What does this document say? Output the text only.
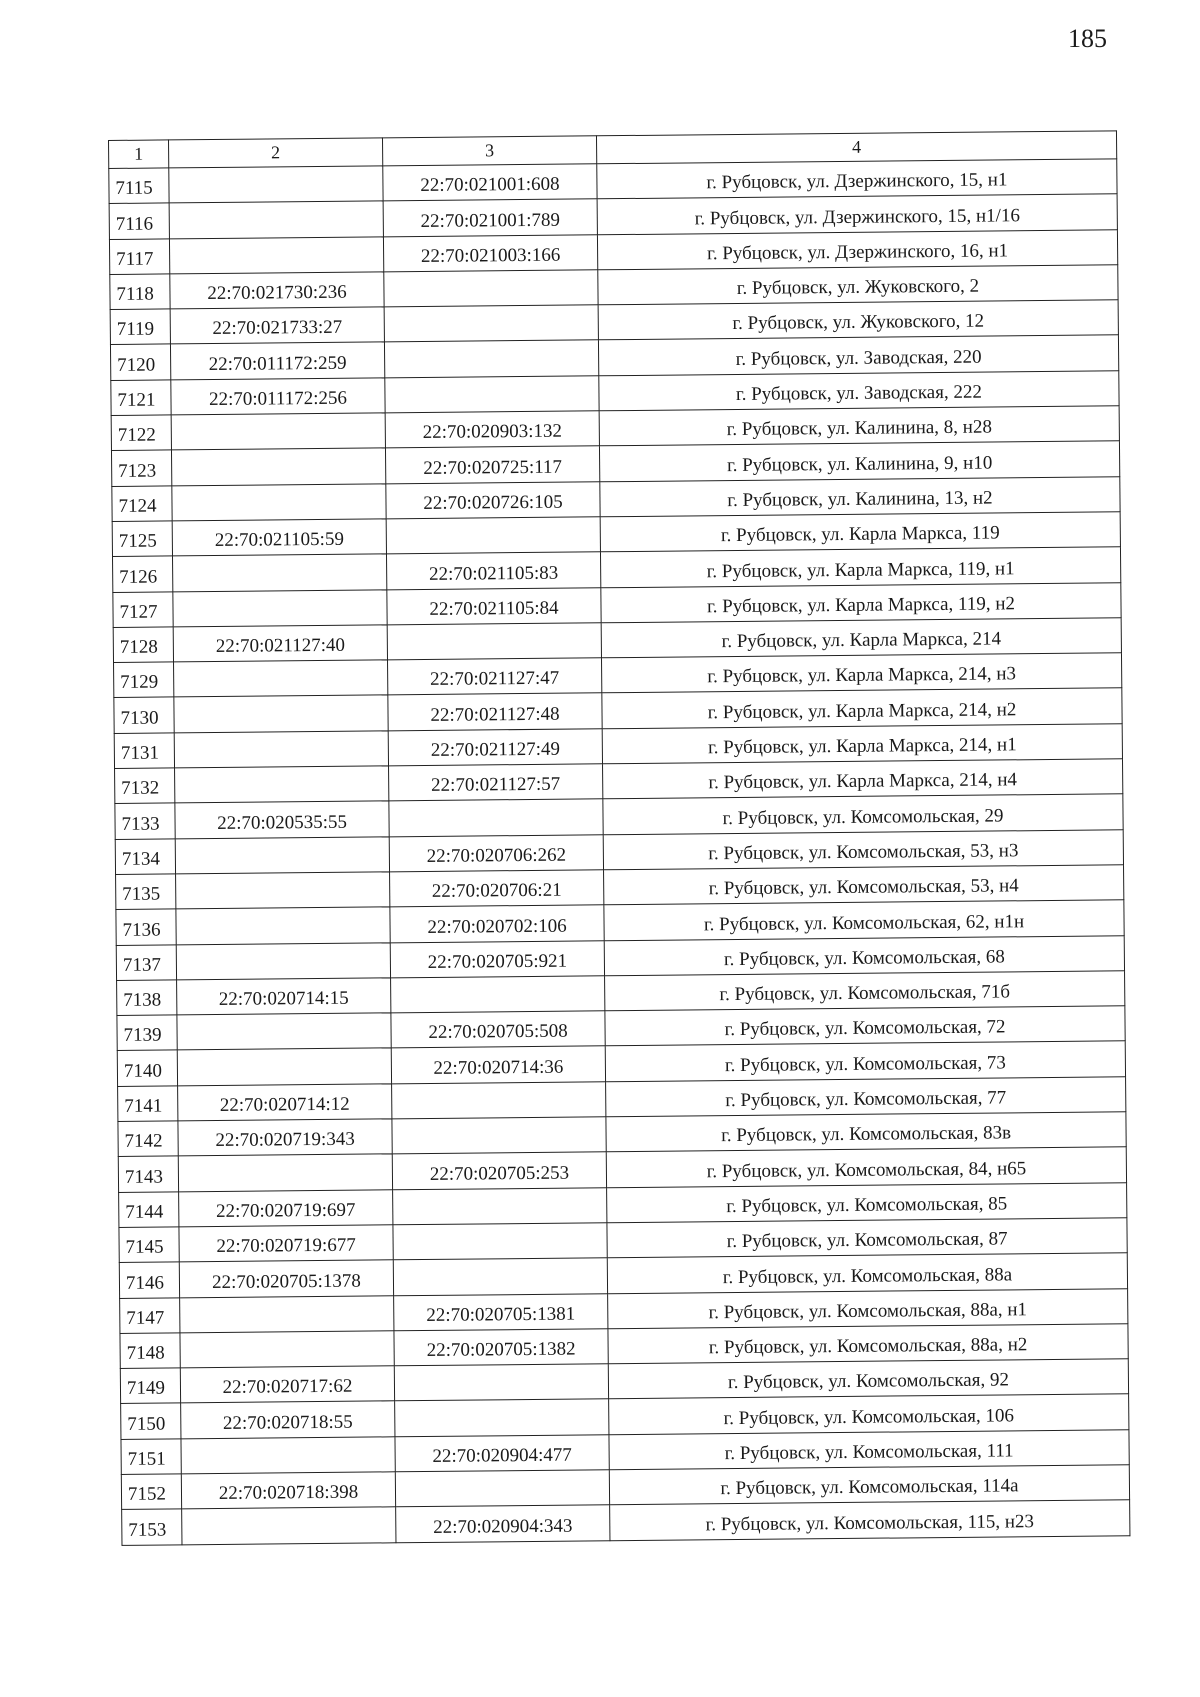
185
1	2	3	4
7115		22:70:021001:608	г. Рубцовск, ул. Дзержинского, 15, н1
7116		22:70:021001:789	г. Рубцовск, ул. Дзержинского, 15, н1/16
7117		22:70:021003:166	г. Рубцовск, ул. Дзержинского, 16, н1
7118	22:70:021730:236		г. Рубцовск, ул. Жуковского, 2
7119	22:70:021733:27		г. Рубцовск, ул. Жуковского, 12
7120	22:70:011172:259		г. Рубцовск, ул. Заводская, 220
7121	22:70:011172:256		г. Рубцовск, ул. Заводская, 222
7122		22:70:020903:132	г. Рубцовск, ул. Калинина, 8, н28
7123		22:70:020725:117	г. Рубцовск, ул. Калинина, 9, н10
7124		22:70:020726:105	г. Рубцовск, ул. Калинина, 13, н2
7125	22:70:021105:59		г. Рубцовск, ул. Карла Маркса, 119
7126		22:70:021105:83	г. Рубцовск, ул. Карла Маркса, 119, н1
7127		22:70:021105:84	г. Рубцовск, ул. Карла Маркса, 119, н2
7128	22:70:021127:40		г. Рубцовск, ул. Карла Маркса, 214
7129		22:70:021127:47	г. Рубцовск, ул. Карла Маркса, 214, н3
7130		22:70:021127:48	г. Рубцовск, ул. Карла Маркса, 214, н2
7131		22:70:021127:49	г. Рубцовск, ул. Карла Маркса, 214, н1
7132		22:70:021127:57	г. Рубцовск, ул. Карла Маркса, 214, н4
7133	22:70:020535:55		г. Рубцовск, ул. Комсомольская, 29
7134		22:70:020706:262	г. Рубцовск, ул. Комсомольская, 53, н3
7135		22:70:020706:21	г. Рубцовск, ул. Комсомольская, 53, н4
7136		22:70:020702:106	г. Рубцовск, ул. Комсомольская, 62, н1н
7137		22:70:020705:921	г. Рубцовск, ул. Комсомольская, 68
7138	22:70:020714:15		г. Рубцовск, ул. Комсомольская, 71б
7139		22:70:020705:508	г. Рубцовск, ул. Комсомольская, 72
7140		22:70:020714:36	г. Рубцовск, ул. Комсомольская, 73
7141	22:70:020714:12		г. Рубцовск, ул. Комсомольская, 77
7142	22:70:020719:343		г. Рубцовск, ул. Комсомольская, 83в
7143		22:70:020705:253	г. Рубцовск, ул. Комсомольская, 84, н65
7144	22:70:020719:697		г. Рубцовск, ул. Комсомольская, 85
7145	22:70:020719:677		г. Рубцовск, ул. Комсомольская, 87
7146	22:70:020705:1378		г. Рубцовск, ул. Комсомольская, 88а
7147		22:70:020705:1381	г. Рубцовск, ул. Комсомольская, 88а, н1
7148		22:70:020705:1382	г. Рубцовск, ул. Комсомольская, 88а, н2
7149	22:70:020717:62		г. Рубцовск, ул. Комсомольская, 92
7150	22:70:020718:55		г. Рубцовск, ул. Комсомольская, 106
7151		22:70:020904:477	г. Рубцовск, ул. Комсомольская, 111
7152	22:70:020718:398		г. Рубцовск, ул. Комсомольская, 114а
7153		22:70:020904:343	г. Рубцовск, ул. Комсомольская, 115, н23
